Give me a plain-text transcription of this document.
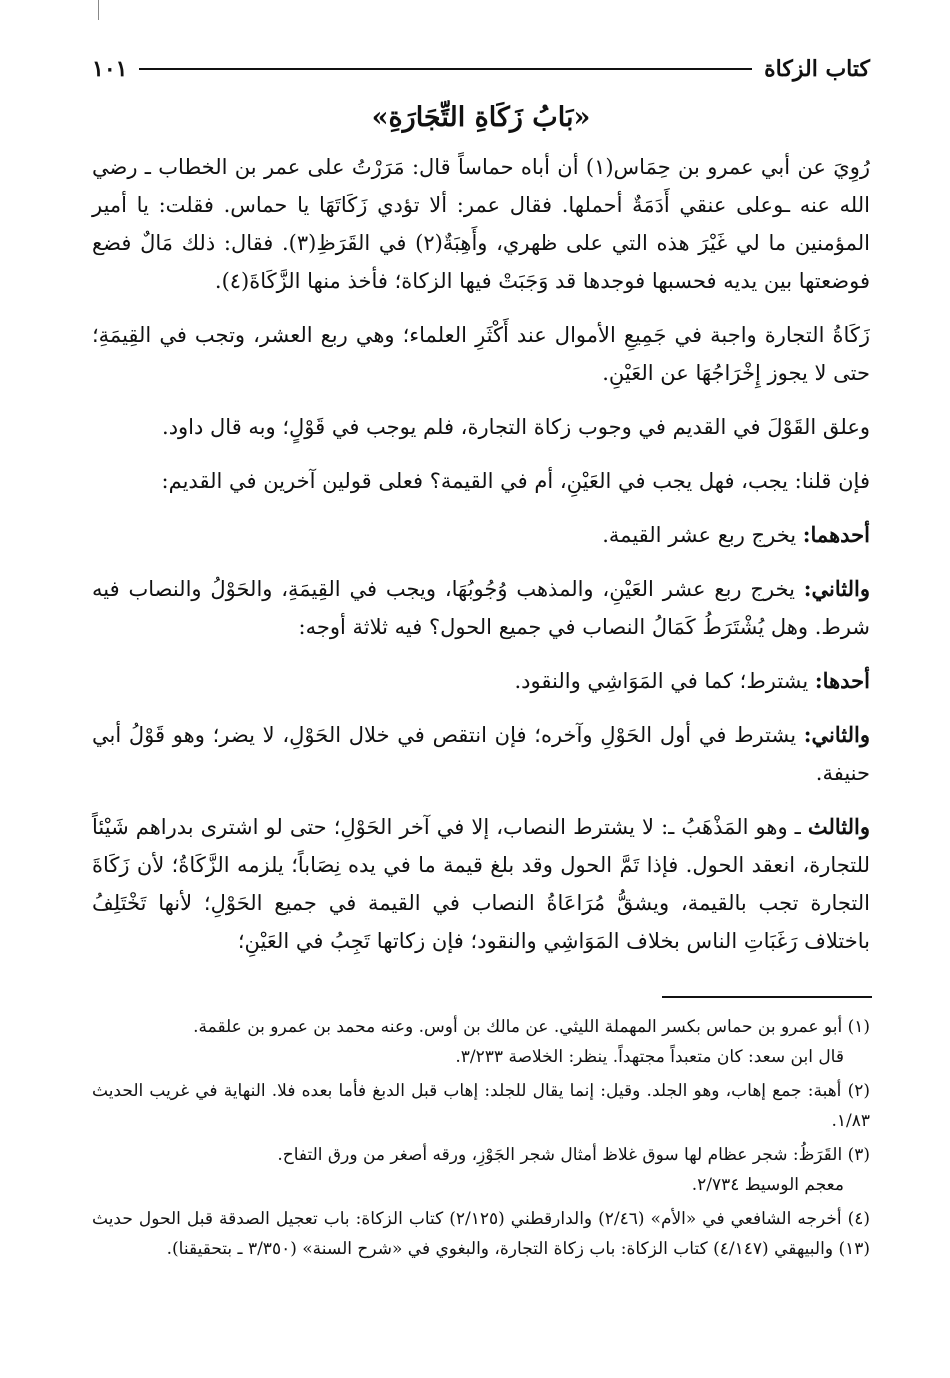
كتاب الزكاة
١٠١
«بَابُ زَكَاةِ التِّجَارَةِ»

رُوِيَ عن أبي عمرو بن حِمَاس(١) أن أباه حماساً قال: مَرَرْتُ على عمر بن الخطاب ـ رضي الله عنه ـوعلى عنقي أَدَمَةٌ أحملها. فقال عمر: ألا تؤدي زَكَاتَهَا يا حماس. فقلت: يا أمير المؤمنين ما لي غَيْرَ هذه التي على ظهري، وأَهِبَةٌ(٢) في القَرَظِ(٣). فقال: ذلك مَالٌ فضع فوضعتها بين يديه فحسبها فوجدها قد وَجَبَتْ فيها الزكاة؛ فأخذ منها الزَّكَاةَ(٤).

زَكَاةُ التجارة واجبة في جَمِيعِ الأموال عند أَكْثَرِ العلماء؛ وهي ربع العشر، وتجب في القِيمَةِ؛ حتى لا يجوز إِخْرَاجُهَا عن العَيْنِ.

وعلق القَوْلَ في القديم في وجوب زكاة التجارة، فلم يوجب في قَوْلٍ؛ وبه قال داود.

فإن قلنا: يجب، فهل يجب في العَيْنِ، أم في القيمة؟ فعلى قولين آخرين في القديم:

أحدهما: يخرج ربع عشر القيمة.

والثاني: يخرج ربع عشر العَيْنِ، والمذهب وُجُوبُهَا، ويجب في القِيمَةِ، والحَوْلُ والنصاب فيه شرط. وهل يُشْتَرَطُ كَمَالُ النصاب في جميع الحول؟ فيه ثلاثة أوجه:

أحدها: يشترط؛ كما في المَوَاشِي والنقود.

والثاني: يشترط في أول الحَوْلِ وآخره؛ فإن انتقص في خلال الحَوْلِ، لا يضر؛ وهو قَوْلُ أبي حنيفة.

والثالث ـ وهو المَذْهَبُ ـ: لا يشترط النصاب، إلا في آخر الحَوْلِ؛ حتى لو اشترى بدراهم شَيْئاً للتجارة، انعقد الحول. فإذا تَمَّ الحول وقد بلغ قيمة ما في يده نِصَاباً؛ يلزمه الزَّكَاةُ؛ لأن زَكَاةَ التجارة تجب بالقيمة، ويشقُّ مُرَاعَاةُ النصاب في القيمة في جميع الحَوْلِ؛ لأنها تَخْتَلِفُ باختلاف رَغَبَاتِ الناس بخلاف المَوَاشِي والنقود؛ فإن زكاتها تَجِبُ في العَيْنِ؛

(١) أبو عمرو بن حماس بكسر المهملة الليثي. عن مالك بن أوس. وعنه محمد بن عمرو بن علقمة.
قال ابن سعد: كان متعبداً مجتهداً. ينظر: الخلاصة ٣/٢٣٣.

(٢) أهبة: جمع إهاب، وهو الجلد. وقيل: إنما يقال للجلد: إهاب قبل الدبغ فأما بعده فلا. النهاية في غريب الحديث ١/٨٣.

(٣) القَرَظُ: شجر عظام لها سوق غلاظ أمثال شجر الجَوْزِ، ورقه أصغر من ورق التفاح.
معجم الوسيط ٢/٧٣٤.

(٤) أخرجه الشافعي في «الأم» (٢/٤٦) والدارقطني (٢/١٢٥) كتاب الزكاة: باب تعجيل الصدقة قبل الحول حديث (١٣) والبيهقي (٤/١٤٧) كتاب الزكاة: باب زكاة التجارة، والبغوي في «شرح السنة» (٣/٣٥٠ ـ بتحقيقنا).
